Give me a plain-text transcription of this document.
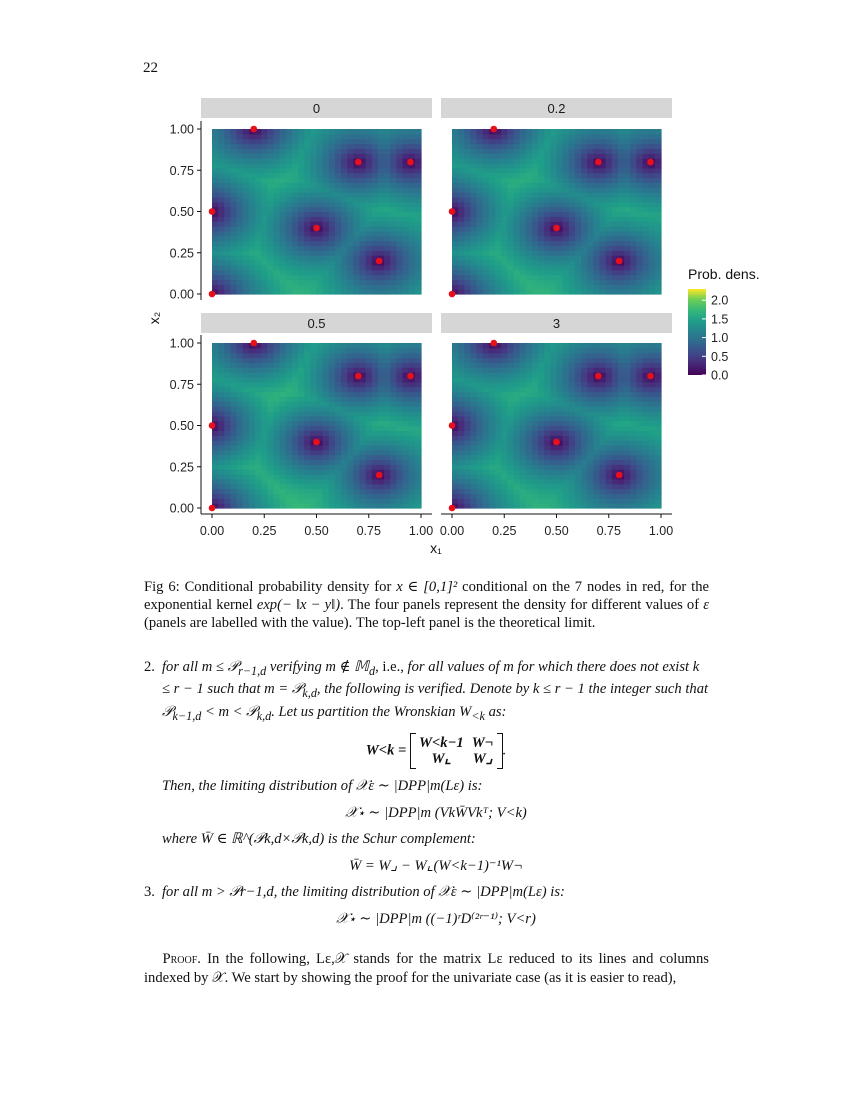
22
0	0.2
0.5	3
0.00
0.25
0.50
0.75
1.00
0.00
0.25
0.50
0.75
1.00
0.00 0.25 0.50 0.75 1.00 0.00 0.25 0.50 0.75 1.00
x₁
x₂
Prob. dens.
0.0
0.5
1.0
1.5
2.0
Fig 6: Conditional probability density for x ∈ [0,1]² conditional on the 7 nodes in red, for the exponential kernel exp(− ‖x − y‖). The four panels represent the density for different values of ε (panels are labelled with the value). The top-left panel is the theoretical limit.
2. for all m ≤ 𝒫$_{r-1,d}$ verifying m ∉ 𝕄$_d$, i.e., for all values of m for which there does not exist k ≤ r − 1 such that m = 𝒫$_{k,d}$, the following is verified. Denote by k ≤ r − 1 the integer such that 𝒫$_{k-1,d}$ < m < 𝒫$_{k,d}$. Let us partition the Wronskian $W_{<k}$ as:
W<k = W<k−1 W¬
W⌞	W⌟
.
Then, the limiting distribution of 𝒳ε ∼ |DPP|m(Lε) is:
𝒳⋆ ∼ |DPP|m (VkW̄Vkᵀ; V<k)
where W̄ ∈ ℝ^(𝒫k,d×𝒫k,d) is the Schur complement:
W̄ = W⌟ − W⌞(W<k−1)⁻¹W¬
3. for all m > 𝒫r−1,d, the limiting distribution of 𝒳ε ∼ |DPP|m(Lε) is:
𝒳⋆ ∼ |DPP|m ((−1)ʳD⁽²ʳ⁻¹⁾; V<r)
Proof. In the following, Lε,𝒳 stands for the matrix Lε reduced to its lines and columns indexed by 𝒳. We start by showing the proof for the univariate case (as it is easier to read),
